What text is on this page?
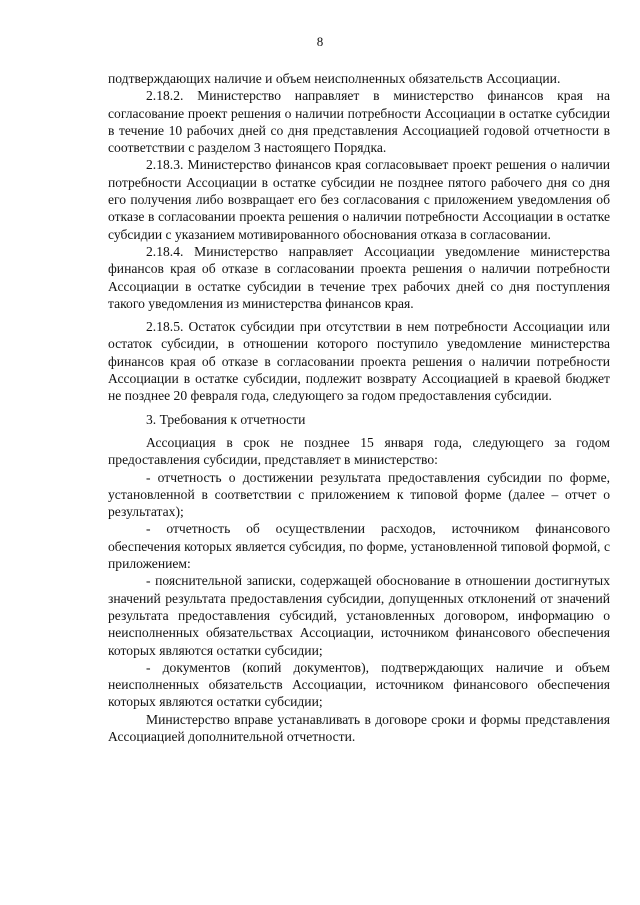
8

подтверждающих наличие и объем неисполненных обязательств Ассоциации.

2.18.2. Министерство направляет в министерство финансов края на согласование проект решения о наличии потребности Ассоциации в остатке субсидии в течение 10 рабочих дней со дня представления Ассоциацией годовой отчетности в соответствии с разделом 3 настоящего Порядка.

2.18.3. Министерство финансов края согласовывает проект решения о наличии потребности Ассоциации в остатке субсидии не позднее пятого рабочего дня со дня его получения либо возвращает его без согласования с приложением уведомления об отказе в согласовании проекта решения о наличии потребности Ассоциации в остатке субсидии с указанием мотивированного обоснования отказа в согласовании.

2.18.4. Министерство направляет Ассоциации уведомление министерства финансов края об отказе в согласовании проекта решения о наличии потребности Ассоциации в остатке субсидии в течение трех рабочих дней со дня поступления такого уведомления из министерства финансов края.

2.18.5. Остаток субсидии при отсутствии в нем потребности Ассоциации или остаток субсидии, в отношении которого поступило уведомление министерства финансов края об отказе в согласовании проекта решения о наличии потребности Ассоциации в остатке субсидии, подлежит возврату Ассоциацией в краевой бюджет не позднее 20 февраля года, следующего за годом предоставления субсидии.

3. Требования к отчетности

Ассоциация в срок не позднее 15 января года, следующего за годом предоставления субсидии, представляет в министерство:

- отчетность о достижении результата предоставления субсидии по форме, установленной в соответствии с приложением к типовой форме (далее – отчет о результатах);

- отчетность об осуществлении расходов, источником финансового обеспечения которых является субсидия, по форме, установленной типовой формой, с приложением:

- пояснительной записки, содержащей обоснование в отношении достигнутых значений результата предоставления субсидии, допущенных отклонений от значений результата предоставления субсидий, установленных договором, информацию о неисполненных обязательствах Ассоциации, источником финансового обеспечения которых являются остатки субсидии;

- документов (копий документов), подтверждающих наличие и объем неисполненных обязательств Ассоциации, источником финансового обеспечения которых являются остатки субсидии;

Министерство вправе устанавливать в договоре сроки и формы представления Ассоциацией дополнительной отчетности.
